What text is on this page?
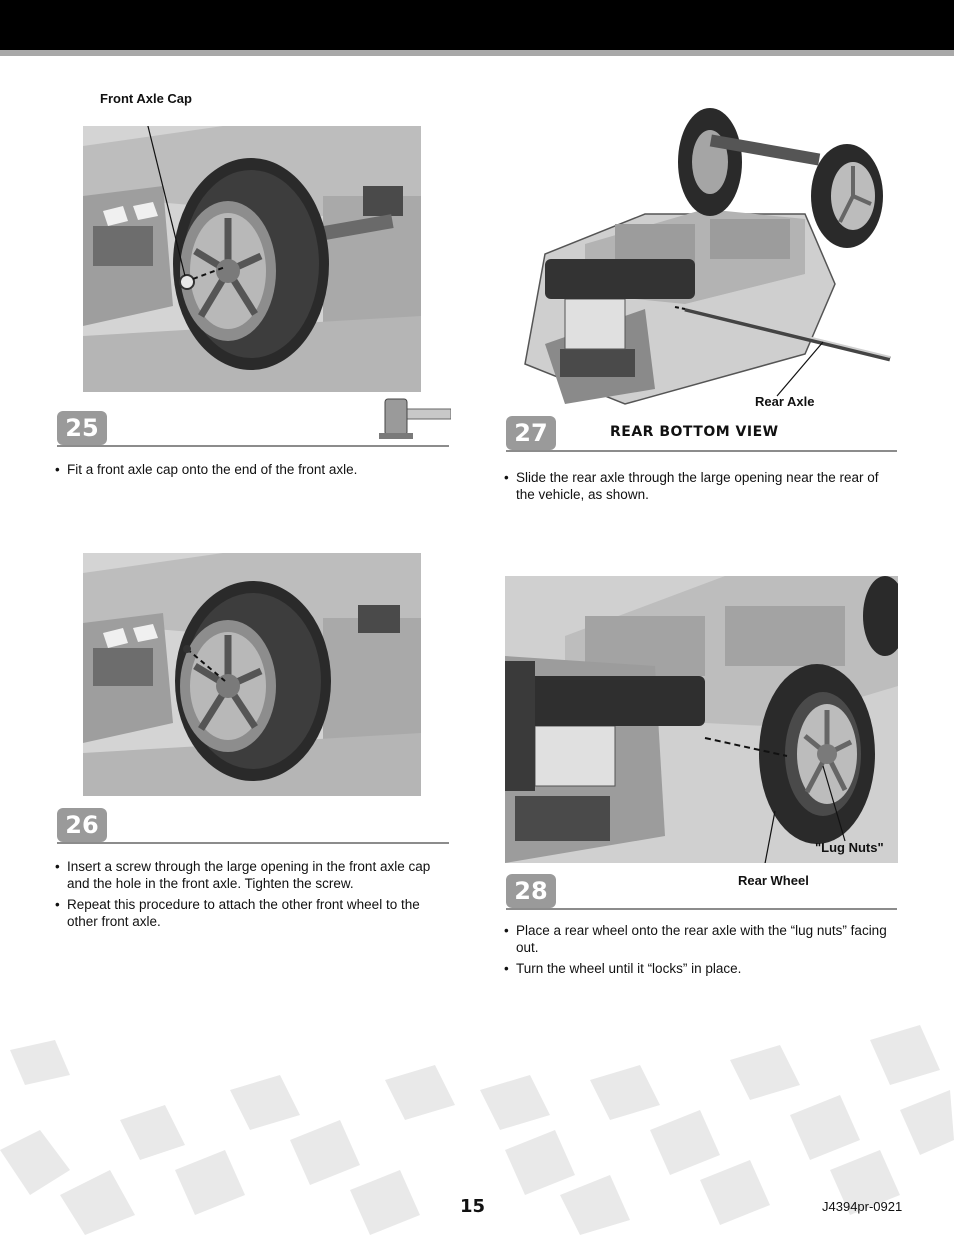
Front Axle Cap
25
• Fit a front axle cap onto the end of the front axle.
26
• Insert a screw through the large opening in the front axle cap and the hole in the front axle. Tighten the screw.
• Repeat this procedure to attach the other front wheel to the other front axle.
Rear Axle
27	REAR BOTTOM VIEW
• Slide the rear axle through the large opening near the rear of the vehicle, as shown.
"Lug Nuts"
Rear Wheel
28
• Place a rear wheel onto the rear axle with the “lug nuts” facing out.
• Turn the wheel until it “locks” in place.
15	J4394pr-0921
